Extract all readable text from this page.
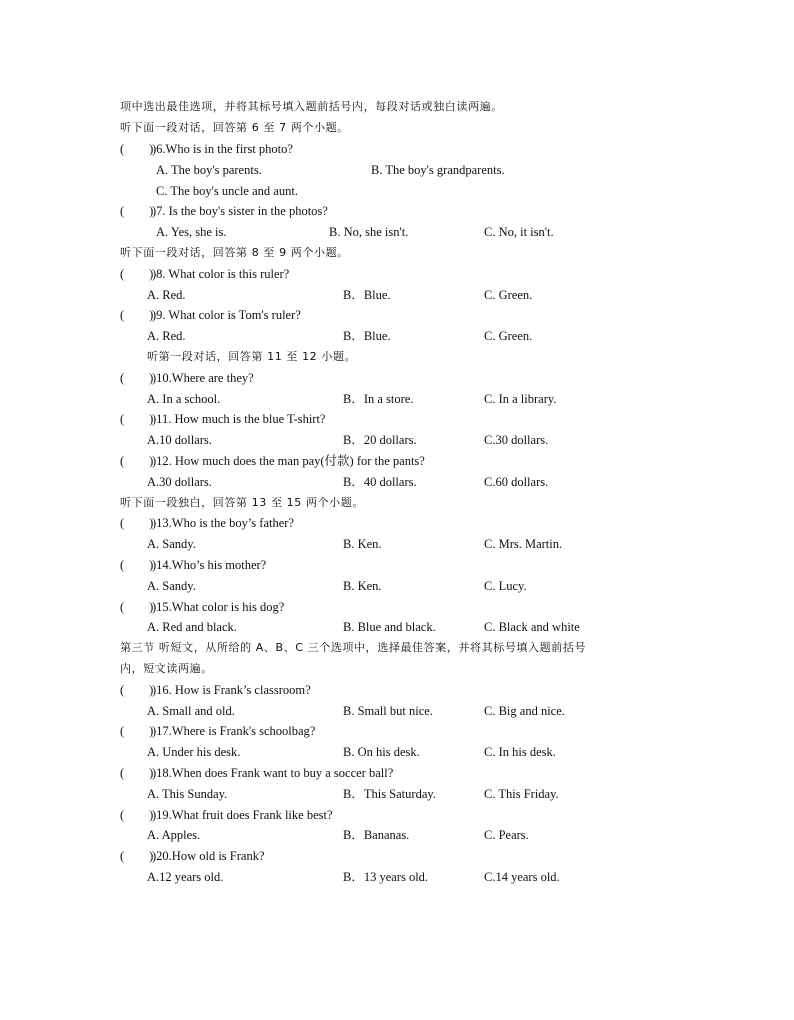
项中选出最佳选项，并将其标号填入题前括号内，每段对话或独白读两遍。
听下面一段对话，回答第 6 至 7 两个小题。
(        )
)6.Who is in the first photo?
A. The boy's parents.	B. The boy's grandparents.
C. The boy's uncle and aunt.
(        )
)7. Is the boy's sister in the photos?
A. Yes, she is.	B. No, she isn't.	C. No, it isn't.
听下面一段对话，回答第 8 至 9 两个小题。
(        )
)8. What color is this ruler?
A. Red.	B．Blue.	C. Green.
(        )
)9. What color is Tom's ruler?
A. Red.	B．Blue.	C. Green.
听第一段对话，回答第 11 至 12 小题。
(        )
)10.Where are they?
A. In a school.	B．In a store.	C. In a library.
(        )
)11. How much is the blue T-shirt?
A.10 dollars.	B．20 dollars.	C.30 dollars.
(        )
)12. How much does the man pay(付款) for the pants?
A.30 dollars.	B．40 dollars.	C.60 dollars.
听下面一段独白，回答第 13 至 15 两个小题。
(        )
)13.Who is the boy’s father?
A. Sandy.	B. Ken.	C. Mrs. Martin.
(        )
)14.Who’s his mother?
A. Sandy.	B. Ken.	C. Lucy.
(        )
)15.What color is his dog?
A. Red and black.	B. Blue and black.	C. Black and white
第三节 听短文，从所给的 A、B、C 三个选项中，选择最佳答案，并将其标号填入题前括号
内，短文读两遍。
(        )
)16. How is Frank’s classroom?
A. Small and old.	B. Small but nice.	C. Big and nice.
(        )
)17.Where is Frank's schoolbag?
A. Under his desk.	B. On his desk.	C. In his desk.
(        )
)18.When does Frank want to buy a soccer ball?
A. This Sunday.	B．This Saturday.	C. This Friday.
(        )
)19.What fruit does Frank like best?
A. Apples.	B．Bananas.	C. Pears.
(        )
)20.How old is Frank?
A.12 years old.	B．13 years old.	C.14 years old.
